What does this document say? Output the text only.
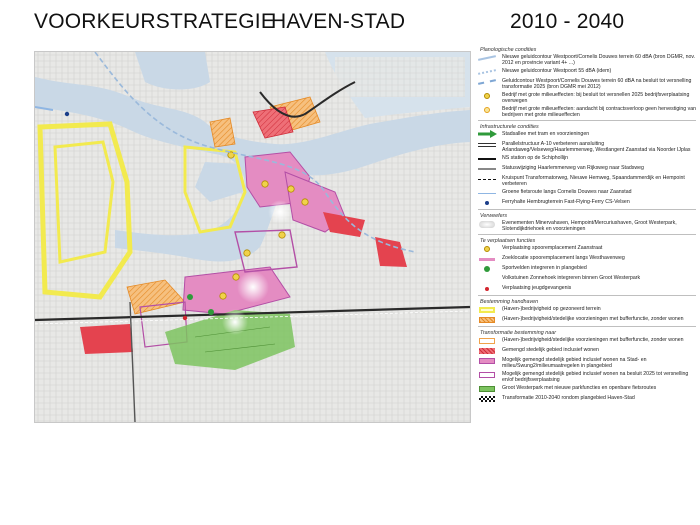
VOORKEURSTRATEGIE
HAVEN-STAD	2010 - 2040
Planologische condities
Nieuwe geluidcontour Westpoort/Cornelis Douwes terrein 60 dBA (bron DGMR, nov. 2012 en provincie variant 4+ ...)
Nieuwe geluidcontour Westpoort 55 dBA (idem)
Geluidcontour Westpoort/Cornelis Douwes terrein 60 dBA na besluit tot versnelling transformatie 2025 (bron DGMR mei 2012)
Bedrijf met grote milieueffecten: bij besluit tot versnellen 2025 bedrijfsverplaatsing overwegen
Bedrijf met grote milieueffecten: aandacht bij contractsverloop geen hervestiging van bedrijven met grote milieueffecten
Infrastructurele condities
Stadsallee met tram en voorzieningen
Parallelstructuur A-10 verbeteren aansluiting Arlandaweg/Velseweg/Haarlemmerweg, Westlangent Zaanstad via Noorder IJplas
NS station op de Schiphollijn
Statuswijziging Haarlemmerweg van Rijksweg naar Stadsweg
Kruispunt Transformatorweg, Nieuwe Hemweg, Spaandammerdijk en Hempoint verbeteren
Groene fietsroute langs Cornelis Douwes naar Zaanstad
Ferryhalte Hembrugterrein Fast-Flying-Ferry CS-Velsen
Verweefers
Evenementen Minervahaven, Hempoint/Mercuriushaven, Groot Westerpark, Slotendijkdriehoek en voorzieningen
Te verplaatsen functies
Verplaatsing spooremplacement Zaanstraat
Zoeklocatie spooremplacement langs Westhavenweg
Sportvelden integreren in plangebied
Volkstuinen Zonnehoek integreren binnen Groot Westerpark
Verplaatsing jeugdgevangenis
Bestemming handhaven
(Haven-)bedrijvigheid op gezoneerd terrein
(Haven-)bedrijvigheid/stedelijke voorzieningen met bufferfunctie, zonder wonen
Transformatie bestemming naar
(Haven-)bedrijvigheid/stedelijke voorzieningen met bufferfunctie, zonder wonen
Gemengd stedelijk gebied inclusief wonen
Mogelijk gemengd stedelijk gebied inclusief wonen na Stad- en milieu/Swung2/milieumaatregelen in plangebied
Mogelijk gemengd stedelijk gebied inclusief wonen na besluit 2025 tot versnelling en/of bedrijfsverplaatsing
Groot Westerpark met nieuwe parkfuncties en openbare fietsroutes
Transformatie 2010-2040 rondom plangebied Haven-Stad
